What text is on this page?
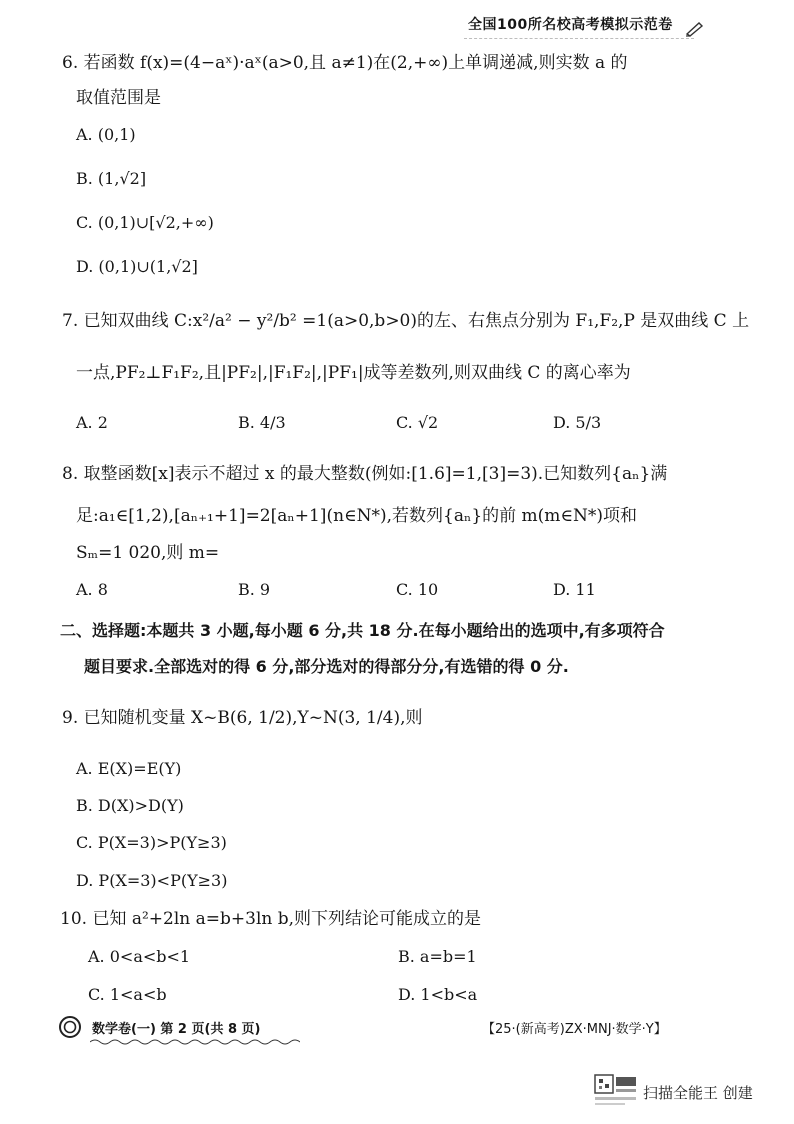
全国100所名校高考模拟示范卷
6. 若函数 f(x)=(4−aˣ)·aˣ(a>0,且 a≠1)在(2,+∞)上单调递减,则实数 a 的
取值范围是
A. (0,1)
B. (1,√2]
C. (0,1)∪[√2,+∞)
D. (0,1)∪(1,√2]
7. 已知双曲线 C:x²/a² − y²/b² =1(a>0,b>0)的左、右焦点分别为 F₁,F₂,P 是双曲线 C 上
一点,PF₂⊥F₁F₂,且|PF₂|,|F₁F₂|,|PF₁|成等差数列,则双曲线 C 的离心率为
A. 2	B. 4/3	C. √2	D. 5/3
8. 取整函数[x]表示不超过 x 的最大整数(例如:[1.6]=1,[3]=3).已知数列{aₙ}满
足:a₁∈[1,2),[aₙ₊₁+1]=2[aₙ+1](n∈N*),若数列{aₙ}的前 m(m∈N*)项和
Sₘ=1 020,则 m=
A. 8	B. 9	C. 10	D. 11
二、选择题:本题共 3 小题,每小题 6 分,共 18 分.在每小题给出的选项中,有多项符合
题目要求.全部选对的得 6 分,部分选对的得部分分,有选错的得 0 分.
9. 已知随机变量 X~B(6, 1/2),Y~N(3, 1/4),则
A. E(X)=E(Y)
B. D(X)>D(Y)
C. P(X=3)>P(Y≥3)
D. P(X=3)<P(Y≥3)
10. 已知 a²+2ln a=b+3ln b,则下列结论可能成立的是
A. 0<a<b<1	B. a=b=1
C. 1<a<b	D. 1<b<a
数学卷(一) 第 2 页(共 8 页)	【25·(新高考)ZX·MNJ·数学·Y】
扫描全能王 创建
